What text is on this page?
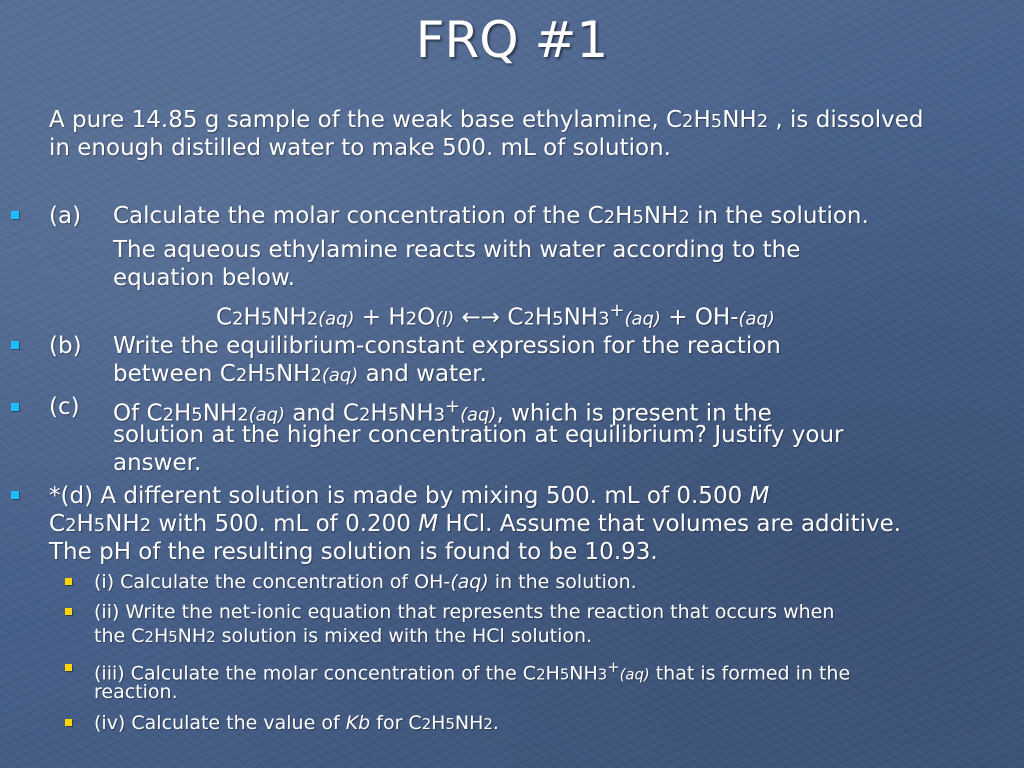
FRQ #1
A pure 14.85 g sample of the weak base ethylamine, C2H5NH2 , is dissolved
in enough distilled water to make 500. mL of solution.
(a) Calculate the molar concentration of the C2H5NH2 in the solution.
The aqueous ethylamine reacts with water according to the
equation below.
C2H5NH2(aq) + H2O(l) ←→ C2H5NH3+(aq) + OH-(aq)
(b) Write the equilibrium-constant expression for the reaction
between C2H5NH2(aq) and water.
(c) Of C2H5NH2(aq) and C2H5NH3+(aq), which is present in the
solution at the higher concentration at equilibrium? Justify your
answer.
*(d) A different solution is made by mixing 500. mL of 0.500 M
C2H5NH2 with 500. mL of 0.200 M HCl. Assume that volumes are additive.
The pH of the resulting solution is found to be 10.93.
(i) Calculate the concentration of OH-(aq) in the solution.
(ii) Write the net-ionic equation that represents the reaction that occurs when
the C2H5NH2 solution is mixed with the HCl solution.
(iii) Calculate the molar concentration of the C2H5NH3+(aq) that is formed in the
reaction.
(iv) Calculate the value of Kb for C2H5NH2.
